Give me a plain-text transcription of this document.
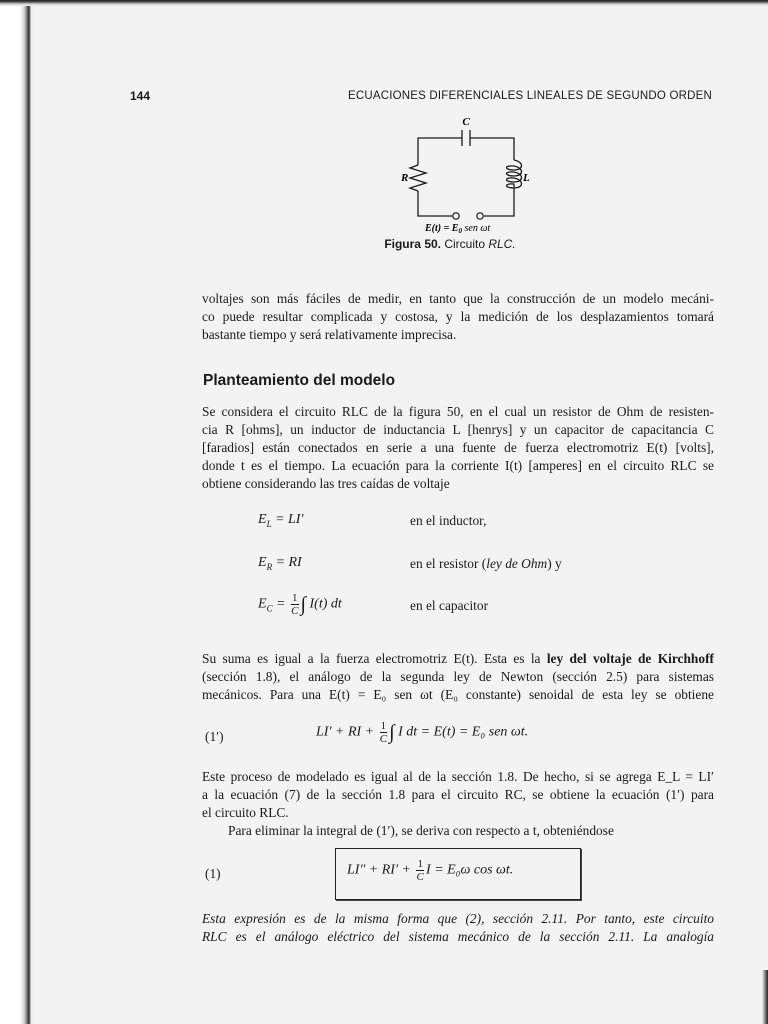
144	ECUACIONES DIFERENCIALES LINEALES DE SEGUNDO ORDEN
C
R	L
$E(t) = E_0$ sen ωt
Figura 50. Circuito RLC.
voltajes son más fáciles de medir, en tanto que la construcción de un modelo mecáni-
co puede resultar complicada y costosa, y la medición de los desplazamientos tomará
bastante tiempo y será relativamente imprecisa.
Planteamiento del modelo
Se considera el circuito RLC de la figura 50, en el cual un resistor de Ohm de resisten-
cia R [ohms], un inductor de inductancia L [henrys] y un capacitor de capacitancia C
[faradios] están conectados en serie a una fuente de fuerza electromotriz E(t) [volts],
donde t es el tiempo. La ecuación para la corriente I(t) [amperes] en el circuito RLC se
obtiene considerando las tres caídas de voltaje
$E_L = LI'$	en el inductor,
$E_R$ = RI	en el resistor (ley de Ohm) y
$E_C = \frac{1}{C}$ ∫ I(t) dt	en el capacitor
Su suma es igual a la fuerza electromotriz E(t). Esta es la ley del voltaje de Kirchhoff
(sección 1.8), el análogo de la segunda ley de Newton (sección 2.5) para sistemas
mecánicos. Para una E(t) = E₀ sen ωt (E₀ constante) senoidal de esta ley se obtiene
(1′)	LI′ + RI + $\frac{1}{C}$ ∫ I dt = E(t) = E₀ sen ωt.
Este proceso de modelado es igual al de la sección 1.8. De hecho, si se agrega E_L = LI′
a la ecuación (7) de la sección 1.8 para el circuito RC, se obtiene la ecuación (1′) para
el circuito RLC.
Para eliminar la integral de (1′), se deriva con respecto a t, obteniéndose
(1)	$LI'' + RI' + \frac{1}{C}$ I = E₀ω cos ωt.
Esta expresión es de la misma forma que (2), sección 2.11. Por tanto, este circuito
RLC es el análogo eléctrico del sistema mecánico de la sección 2.11. La analogía
